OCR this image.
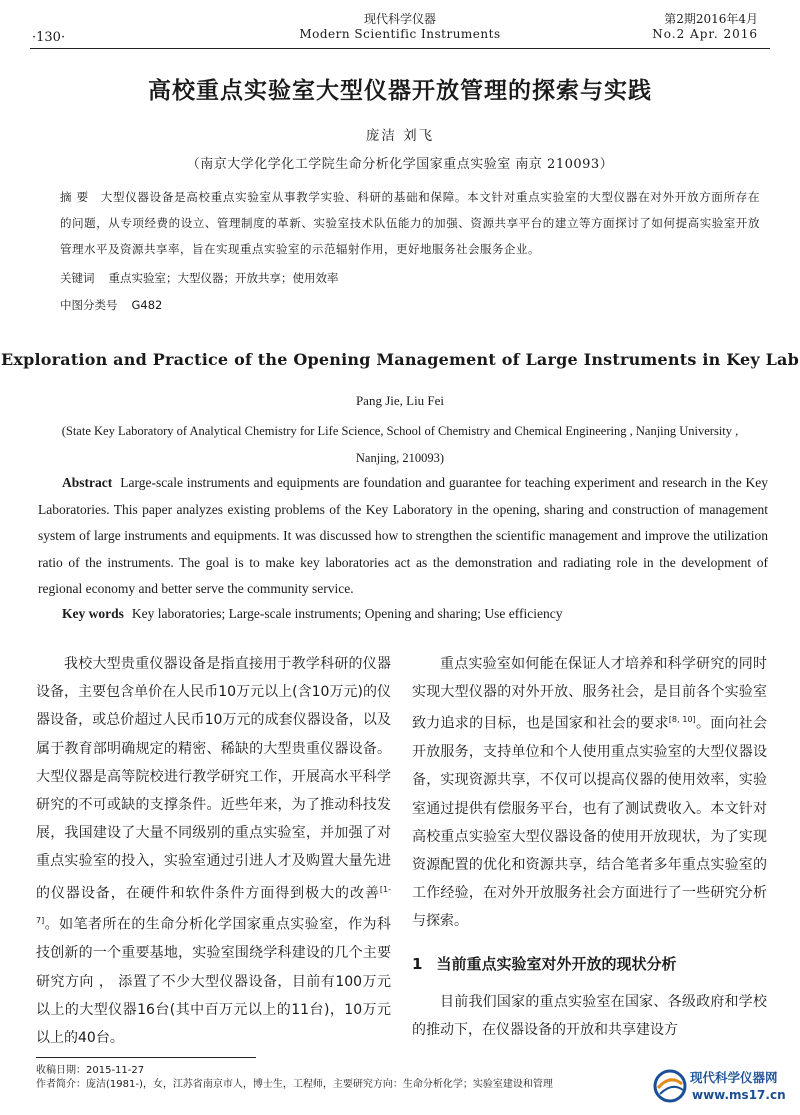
·130·
现代科学仪器
Modern Scientific Instruments
第2期2016年4月
No.2 Apr. 2016
高校重点实验室大型仪器开放管理的探索与实践
庞洁 刘飞
（南京大学化学化工学院生命分析化学国家重点实验室 南京 210093）
摘 要 大型仪器设备是高校重点实验室从事教学实验、科研的基础和保障。本文针对重点实验室的大型仪器在对外开放方面所存在的问题，从专项经费的设立、管理制度的革新、实验室技术队伍能力的加强、资源共享平台的建立等方面探讨了如何提高实验室开放管理水平及资源共享率，旨在实现重点实验室的示范辐射作用，更好地服务社会服务企业。
关键词 重点实验室；大型仪器；开放共享；使用效率
中图分类号 G482
Exploration and Practice of the Opening Management of Large Instruments in Key Lab
Pang Jie, Liu Fei
(State Key Laboratory of Analytical Chemistry for Life Science, School of Chemistry and Chemical Engineering , Nanjing University ,
Nanjing, 210093)
Abstract Large-scale instruments and equipments are foundation and guarantee for teaching experiment and research in the Key Laboratories. This paper analyzes existing problems of the Key Laboratory in the opening, sharing and construction of management system of large instruments and equipments. It was discussed how to strengthen the scientific management and improve the utilization ratio of the instruments. The goal is to make key laboratories act as the demonstration and radiating role in the development of regional economy and better serve the community service.
Key words Key laboratories; Large-scale instruments; Opening and sharing; Use efficiency

我校大型贵重仪器设备是指直接用于教学科研的仪器设备，主要包含单价在人民币10万元以上(含10万元)的仪器设备，或总价超过人民币10万元的成套仪器设备，以及属于教育部明确规定的精密、稀缺的大型贵重仪器设备。 大型仪器是高等院校进行教学研究工作，开展高水平科学研究的不可或缺的支撑条件。近些年来，为了推动科技发展，我国建设了大量不同级别的重点实验室，并加强了对重点实验室的投入，实验室通过引进人才及购置大量先进的仪器设备，在硬件和软件条件方面得到极大的改善[1-7]。如笔者所在的生命分析化学国家重点实验室，作为科技创新的一个重要基地，实验室围绕学科建设的几个主要研究方向 ， 添置了不少大型仪器设备，目前有100万元以上的大型仪器16台(其中百万元以上的11台)，10万元以上的40台。

重点实验室如何能在保证人才培养和科学研究的同时实现大型仪器的对外开放、服务社会，是目前各个实验室致力追求的目标，也是国家和社会的要求[8, 10]。面向社会开放服务，支持单位和个人使用重点实验室的大型仪器设备，实现资源共享，不仅可以提高仪器的使用效率，实验室通过提供有偿服务平台，也有了测试费收入。本文针对高校重点实验室大型仪器设备的使用开放现状，为了实现资源配置的优化和资源共享，结合笔者多年重点实验室的工作经验，在对外开放服务社会方面进行了一些研究分析与探索。

1 当前重点实验室对外开放的现状分析

目前我们国家的重点实验室在国家、各级政府和学校的推动下，在仪器设备的开放和共享建设方

收稿日期：2015-11-27
作者简介：庞洁(1981-)，女，江苏省南京市人，博士生，工程师，主要研究方向：生命分析化学；实验室建设和管理	现代科学仪器网
www.ms17.cn
